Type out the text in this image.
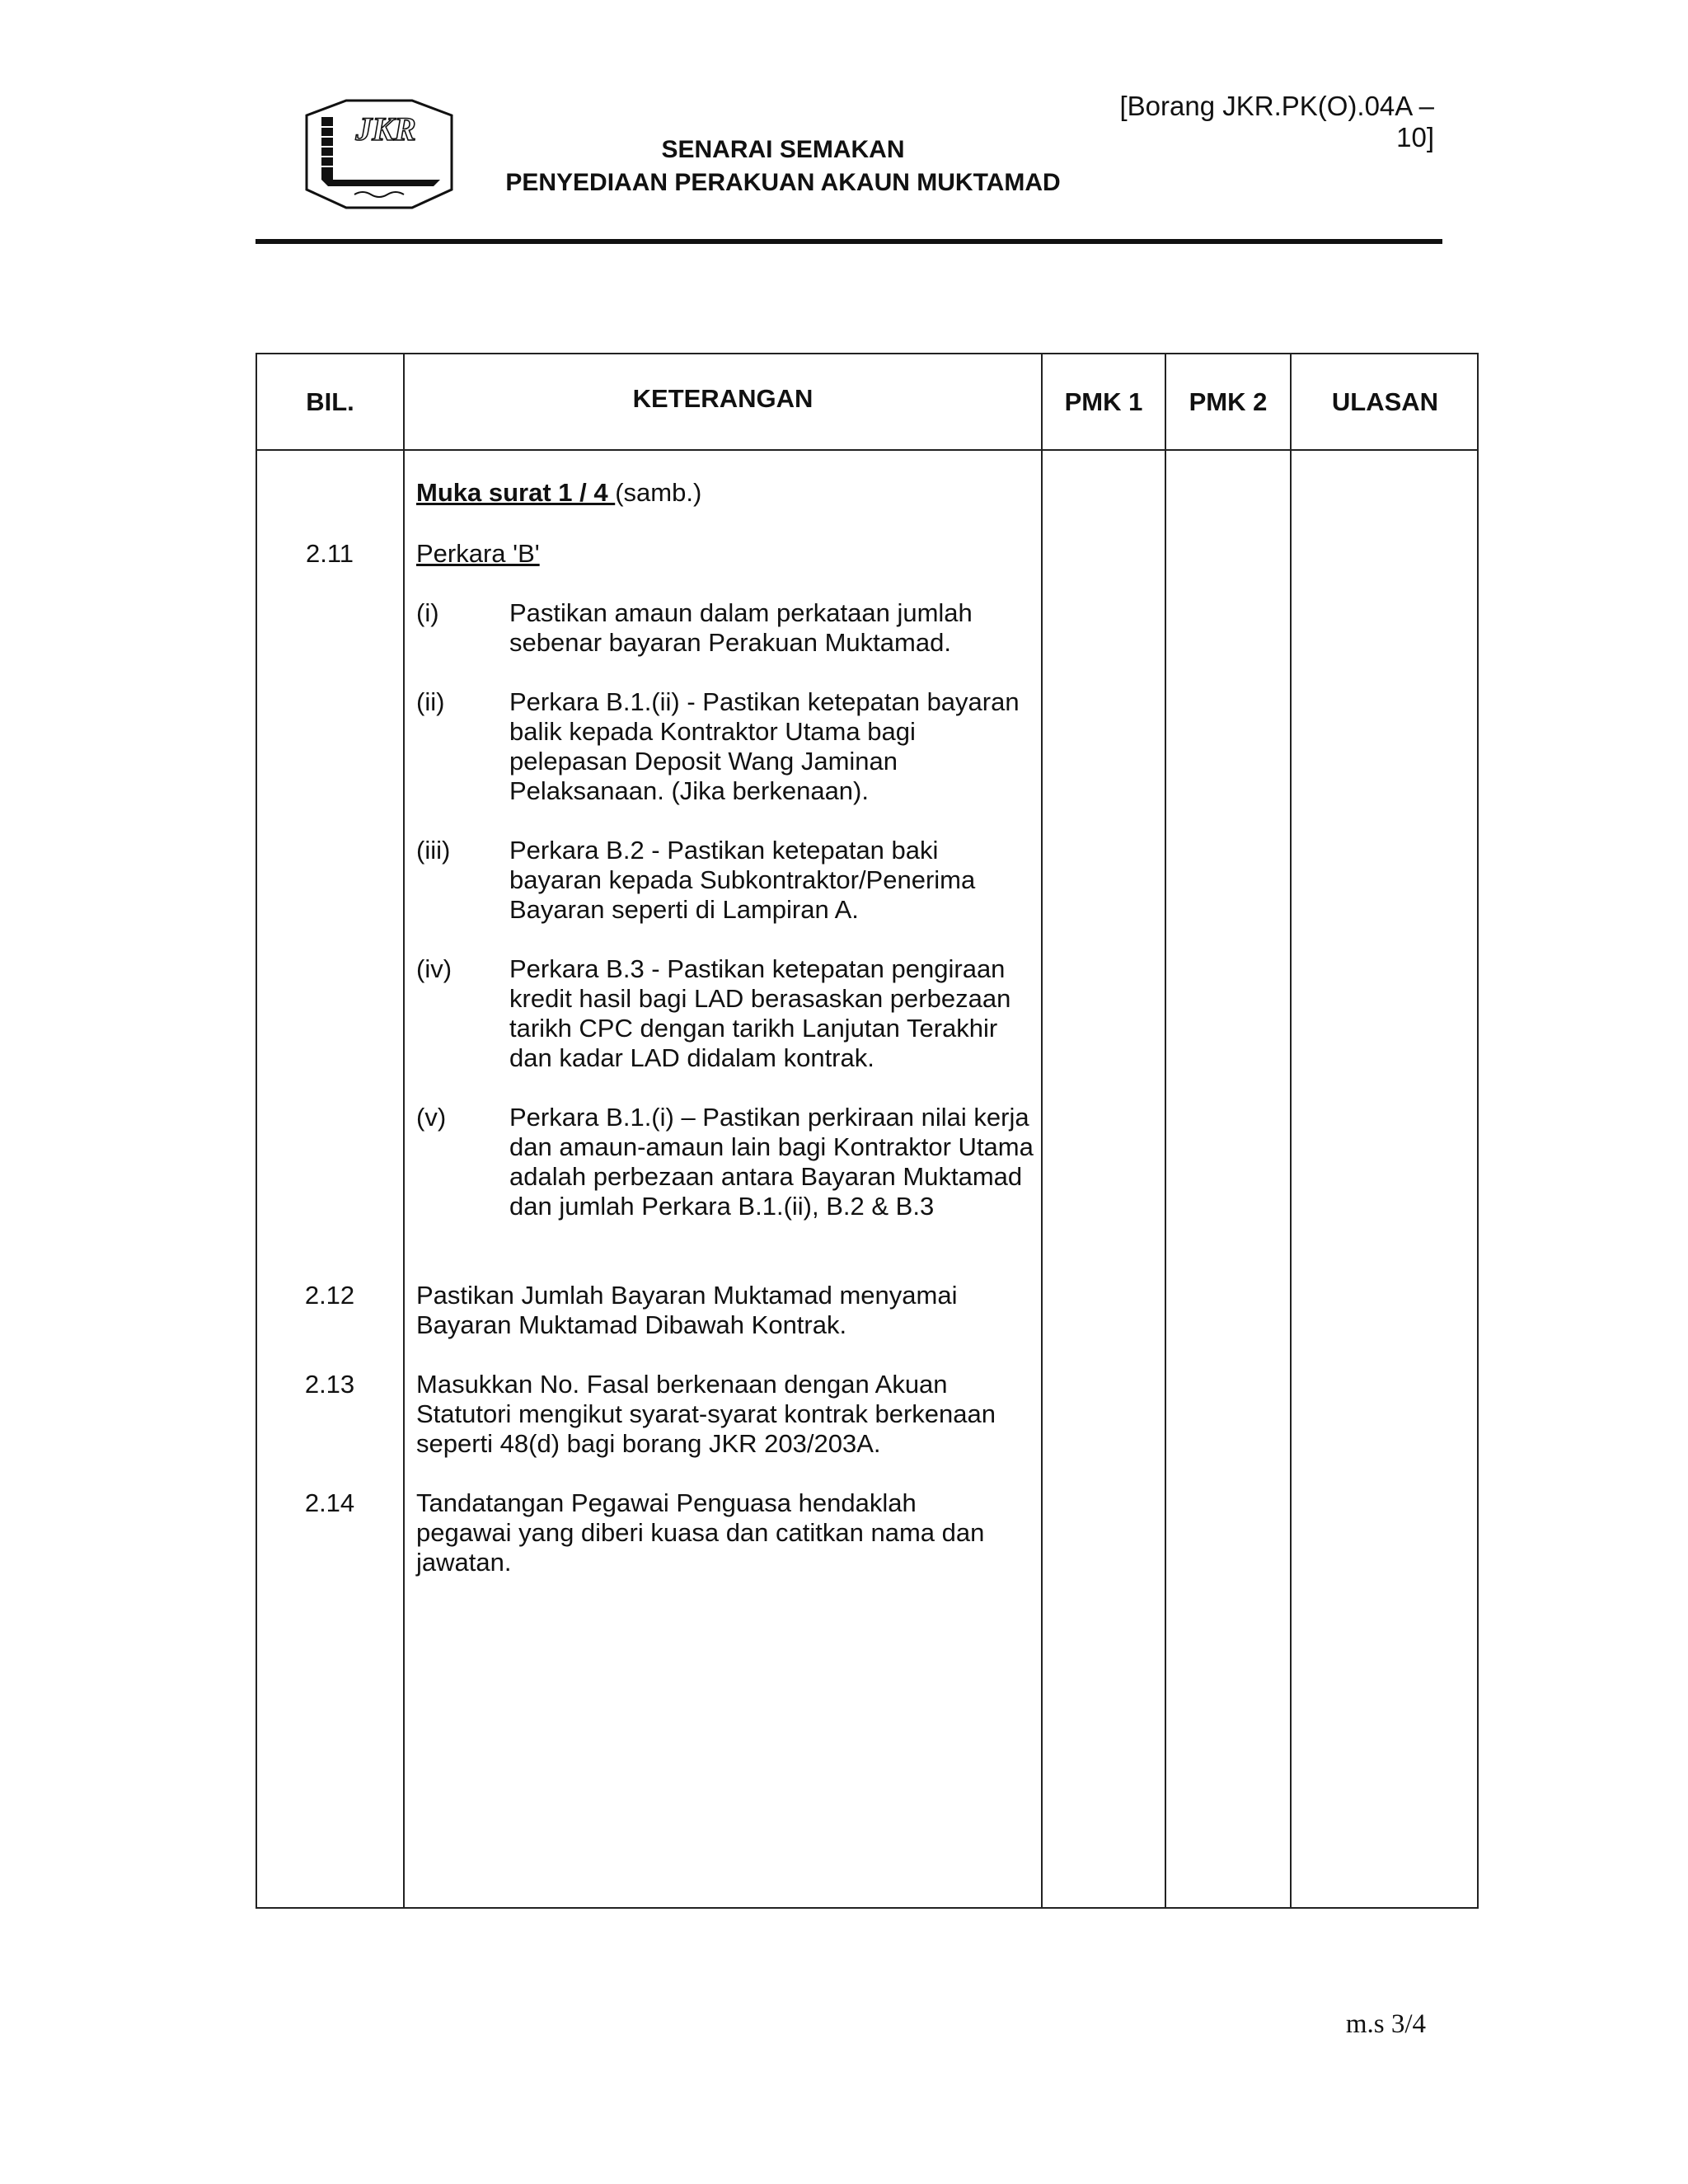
[Borang JKR.PK(O).04A – 10]
JKR
SENARAI SEMAKAN
PENYEDIAAN PERAKUAN AKAUN MUKTAMAD
BIL.	KETERANGAN	PMK 1	PMK 2	ULASAN
Muka surat 1 / 4 (samb.)
2.11	Perkara 'B'
(i)	Pastikan amaun dalam perkataan jumlah sebenar bayaran Perakuan Muktamad.
(ii)	Perkara B.1.(ii) - Pastikan ketepatan bayaran balik kepada Kontraktor Utama bagi pelepasan Deposit Wang Jaminan Pelaksanaan. (Jika berkenaan).
(iii) Perkara B.2 - Pastikan ketepatan baki bayaran kepada Subkontraktor/Penerima Bayaran seperti di Lampiran A.
(iv) Perkara B.3 - Pastikan ketepatan pengiraan kredit hasil bagi LAD berasaskan perbezaan tarikh CPC dengan tarikh Lanjutan Terakhir dan kadar LAD didalam kontrak.
(v) Perkara B.1.(i) – Pastikan perkiraan nilai kerja dan amaun-amaun lain bagi Kontraktor Utama adalah perbezaan antara Bayaran Muktamad dan jumlah Perkara B.1.(ii), B.2 & B.3
2.12	Pastikan Jumlah Bayaran Muktamad menyamai Bayaran Muktamad Dibawah Kontrak.
2.13	Masukkan No. Fasal berkenaan dengan Akuan Statutori mengikut syarat-syarat kontrak berkenaan seperti 48(d) bagi borang JKR 203/203A.
2.14	Tandatangan Pegawai Penguasa hendaklah pegawai yang diberi kuasa dan catitkan nama dan jawatan.
m.s 3/4
